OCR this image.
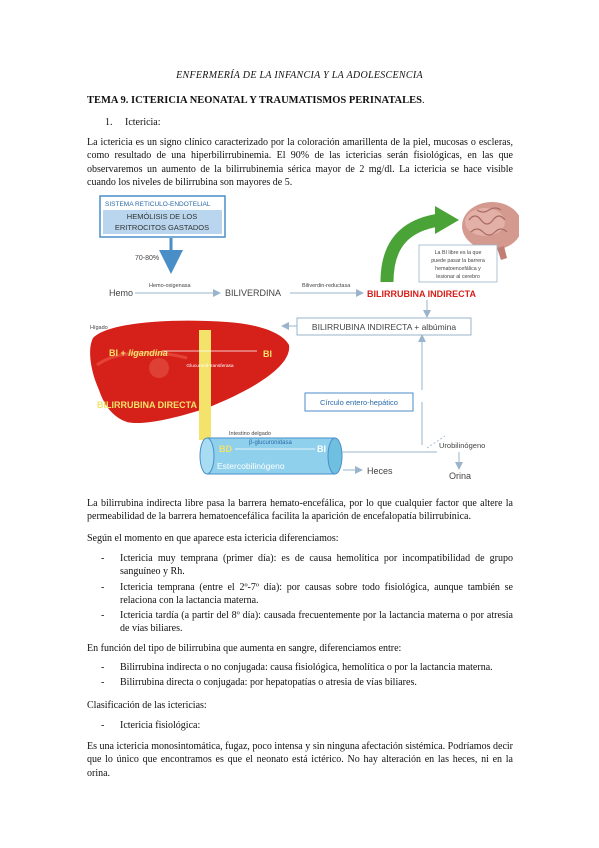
ENFERMERÍA DE LA INFANCIA Y LA ADOLESCENCIA
TEMA 9. ICTERICIA NEONATAL Y TRAUMATISMOS PERINATALES.
1. Ictericia:

La ictericia es un signo clínico caracterizado por la coloración amarillenta de la piel, mucosas o escleras, como resultado de una hiperbilirrubinemia. El 90% de las ictericias serán fisiológicas, en las que observaremos un aumento de la bilirrubinemia sérica mayor de 2 mg/dl. La ictericia se hace visible cuando los niveles de bilirrubina son mayores de 5.

SISTEMA RETICULO-ENDOTELIAL
HEMÓLISIS DE LOS
ERITROCITOS GASTADOS
70-80%
Hemo
Hemo-oxigenasa
BILIVERDINA
Biliverdin-reductasa
BILIRRUBINA INDIRECTA
La BI libre es la que
puede pasar la barrera
hematoencefálica y
lesionar al cerebro
BILIRRUBINA INDIRECTA + albúmina
Hígado
BI + ligandina	BI
Glucuronil-transferasa
BILIRRUBINA DIRECTA	Círculo entero-hepático
Intestino delgado
BD
β-glucuronidasa
BI
Estercobilinógeno	Heces
Urobilinógeno
Orina

La bilirrubina indirecta libre pasa la barrera hemato-encefálica, por lo que cualquier factor que altere la permeabilidad de la barrera hematoencefálica facilita la aparición de encefalopatía bilirrubínica.

Según el momento en que aparece esta ictericia diferenciamos:

- Ictericia muy temprana (primer día): es de causa hemolítica por incompatibilidad de grupo sanguíneo y Rh.
- Ictericia temprana (entre el 2º-7º día): por causas sobre todo fisiológica, aunque también se relaciona con la lactancia materna.
- Ictericia tardía (a partir del 8º día): causada frecuentemente por la lactancia materna o por atresia de vías biliares.

En función del tipo de bilirrubina que aumenta en sangre, diferenciamos entre:

- Bilirrubina indirecta o no conjugada: causa fisiológica, hemolítica o por la lactancia materna.
- Bilirrubina directa o conjugada: por hepatopatías o atresia de vías biliares.

Clasificación de las ictericias:

- Ictericia fisiológica:

Es una ictericia monosintomática, fugaz, poco intensa y sin ninguna afectación sistémica. Podríamos decir que lo único que encontramos es que el neonato está ictérico. No hay alteración en las heces, ni en la orina.
